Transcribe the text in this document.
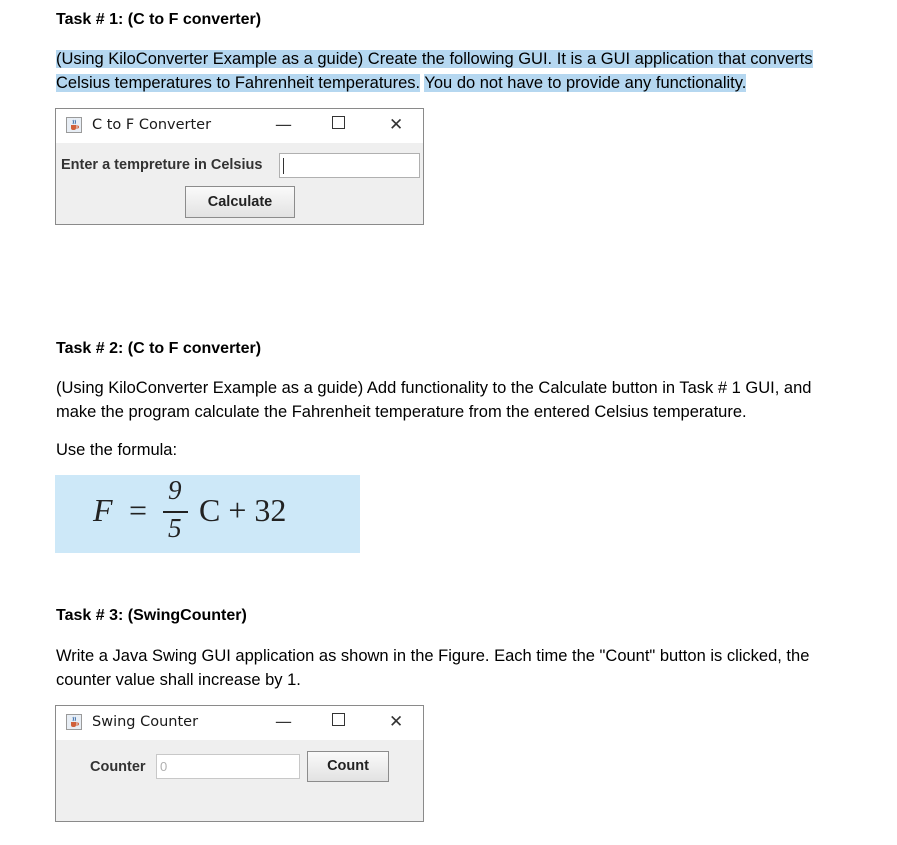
Task # 1: (C to F converter)
(Using KiloConverter Example as a guide) Create the following GUI. It is a GUI application that converts
Celsius temperatures to Fahrenheit temperatures. You do not have to provide any functionality.
C to F Converter	—	✕
Enter a tempreture in Celsius
Calculate
Task # 2: (C to F converter)
(Using KiloConverter Example as a guide) Add functionality to the Calculate button in Task # 1 GUI, and
make the program calculate the Fahrenheit temperature from the entered Celsius temperature.
Use the formula:
F =
9
5 C + 32
Task # 3: (SwingCounter)
Write a Java Swing GUI application as shown in the Figure. Each time the "Count" button is clicked, the
counter value shall increase by 1.
Swing Counter	—	✕
Counter	0	Count
